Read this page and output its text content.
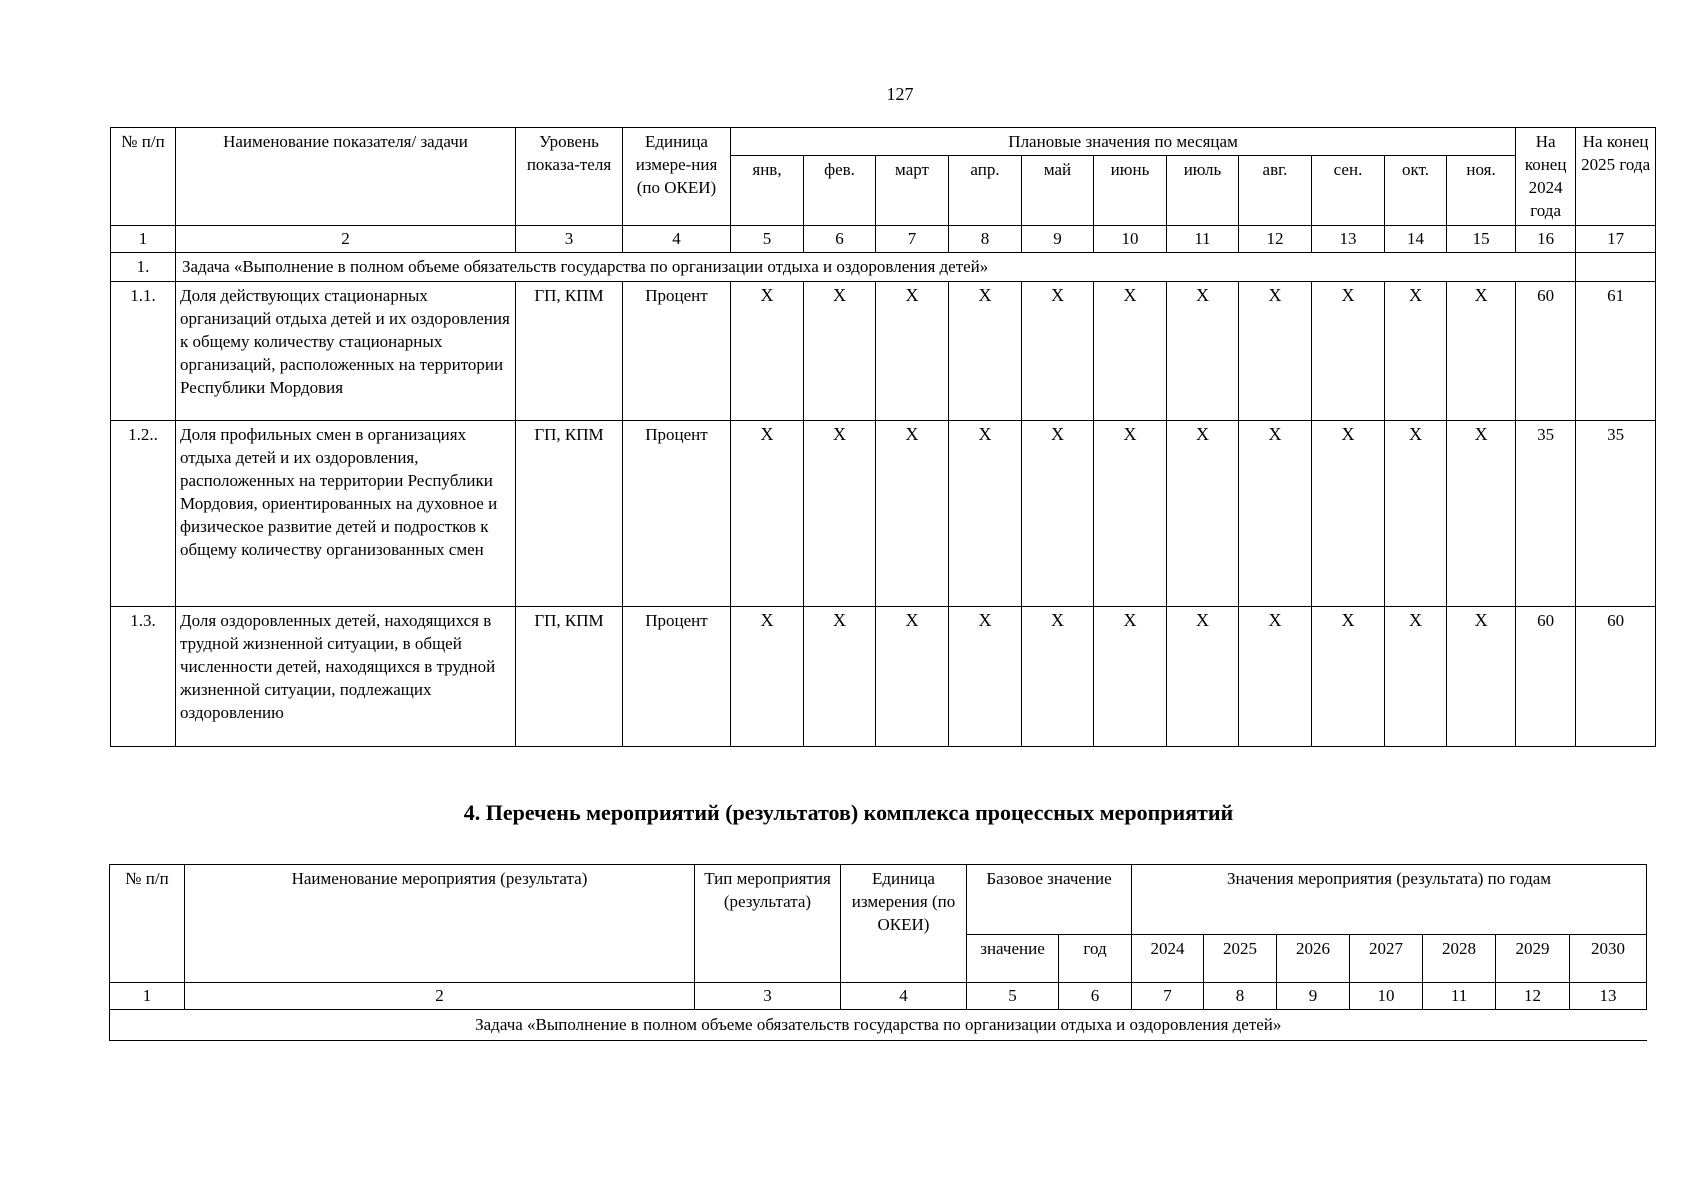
127
№ п/п	Наименование показателя/ задачи	Уровень показа-теля	Единица измере-ния (по ОКЕИ)	Плановые значения по месяцам											На конец 2024 года	На конец 2025 года
				янв,	фев.	март	апр.	май	июнь	июль	авг.	сен.	окт.	ноя.		
1	2	3	4	5	6	7	8	9	10	11	12	13	14	15	16	17
1.	Задача «Выполнение в полном объеме обязательств государства по организации отдыха и оздоровления детей»															
1.1.	Доля действующих стационарных организаций отдыха детей и их оздоровления к общему количеству стационарных организаций, расположенных на территории Республики Мордовия	ГП, КПМ	Процент	X	X	X	X	X	X	X	X	X	X	X	60	61
1.2..	Доля профильных смен в организациях отдыха детей и их оздоровления, расположенных на территории Республики Мордовия, ориентированных на духовное и физическое развитие детей и подростков к общему количеству организованных смен	ГП, КПМ	Процент	X	X	X	X	X	X	X	X	X	X	X	35	35
1.3.	Доля оздоровленных детей, находящихся в трудной жизненной ситуации, в общей численности детей, находящихся в трудной жизненной ситуации, подлежащих оздоровлению	ГП, КПМ	Процент	X	X	X	X	X	X	X	X	X	X	X	60	60
4. Перечень мероприятий (результатов) комплекса процессных мероприятий
№ п/п	Наименование мероприятия (результата)	Тип мероприятия (результата)	Единица измерения (по ОКЕИ)	Базовое значение		Значения мероприятия (результата) по годам						
				значение	год	2024	2025	2026	2027	2028	2029	2030
1	2	3	4	5	6	7	8	9	10	11	12	13
Задача «Выполнение в полном объеме обязательств государства по организации отдыха и оздоровления детей»												
